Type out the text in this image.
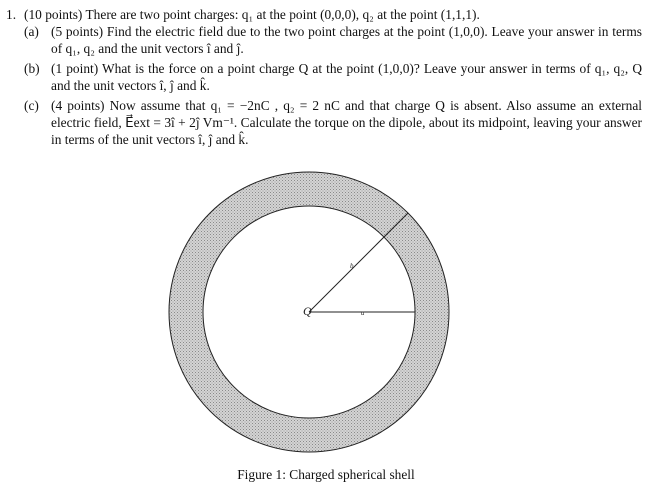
1. (10 points) There are two point charges: q₁ at the point (0,0,0), q₂ at the point (1,1,1).
(a) (5 points) Find the electric field due to the two point charges at the point (1,0,0). Leave your answer in terms of q₁, q₂ and the unit vectors î and ĵ.
(b) (1 point) What is the force on a point charge Q at the point (1,0,0)? Leave your answer in terms of q₁, q₂, Q and the unit vectors î, ĵ and k̂.
(c) (4 points) Now assume that q₁ = −2nC , q₂ = 2 nC and that charge Q is absent. Also assume an external electric field, E⃗ext = 3î + 2ĵ Vm⁻¹. Calculate the torque on the dipole, about its midpoint, leaving your answer in terms of the unit vectors î, ĵ and k̂.
Q	a
b
Figure 1: Charged spherical shell
